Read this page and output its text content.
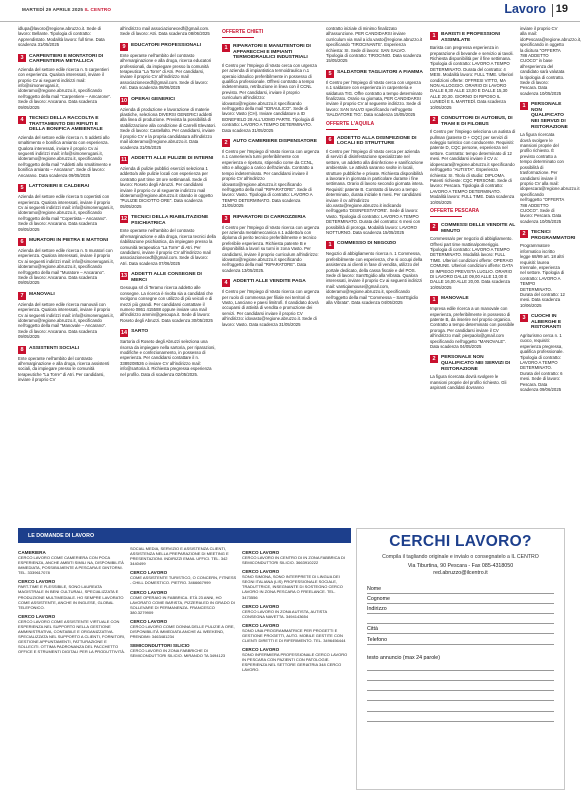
MARTEDÌ 29 APRILE 2025 IL CENTRO	Lavoro 19
idlupa@lavoro@regione.abruzzo.it. Sede di lavoro: Bellante. Tipologia di contratto: Apprendistato. Modalità lavoro: full time. Data scadenza 31/05/2025
3	CARPENTIERI E MONTATORI DI CARPENTERIA METALLICA
Azienda del settore edile ricerca n. 5 carpentieri con esperienza. Qualora interessati, inviare il proprio Cv ai seguenti indirizzi mail: info@simonerugani.it, idoteramo@regione.abruzzo.it, specificando nell'oggetto della mail "Carpentiere – Amcarone". Sede di lavoro: Ancarano. Data scadenza 09/05/2025
4	TECNICI DELLA RACCOLTA E TRATTAMENTO DEI RIFIUTI E DELLA BONIFICA AMBIENTALE
Azienda del settore edile ricerca n. 5 addetti allo smaltimento e bonifica amianto con esperienza. Qualora interessati, inviare il proprio Cv ai seguenti indirizzi mail: info@simonerugani.it, idoteramo@regione.abruzzo.it, specificando nell'oggetto della mail "Addetti allo smaltimento e bonifica amianto – Ancarano". Sede di lavoro: Ancarano. Data scadenza 09/05/2025
5	LATTONIERI E CALDERAI
Azienda del settore edile ricerca 5 copertisti con esperienza. Qualora interessati, inviare il proprio Cv ai seguenti indirizzi mail: info@simonerugani.it, idoteramo@regione.abruzzo.it, specificando nell'oggetto della mail "Copertista – Ancarano". Sede di lavoro: Ancarano. Data scadenza 09/05/2025
6	MURATORI IN PIETRA E MATTONI
Azienda del settore edile ricerca n. 5 muratori con esperienza. Qualora interessati, inviare il proprio Cv ai seguenti indirizzi mail: info@simonerugani.it, idoteramo@regione.abruzzo.it, specificando nell'oggetto della mail "Muratore – Ancarano". Sede di lavoro: Ancarano. Data scadenza 09/05/2025
7	MANOVALI
Azienda del settore edile ricerca manovali con esperienza. Qualora interessati, inviare il proprio Cv ai seguenti indirizzi mail: info@simonerugani.it, idoteramo@regione.abruzzo.it, specificando nell'oggetto della mail "Manovale – Ancarano". Sede di lavoro: Ancarano. Data scadenza 09/05/2025
8	ASSISTENTI SOCIALI
Ente operante nell'ambito del contrasto all'emarginazione e alla droga, ricerca assistenti sociali, da impiegare presso le comunità terapeutiche "La Torre" di Atri. Per candidarsi, inviare il proprio CV
all'indirizzo mail associazionecedf@gmail.com. Sede di lavoro: Atri. Data scadenza 08/06/2025
9	EDUCATORI PROFESSIONALI
Ente operante nell'ambito del contrasto all'emarginazione e alla droga, ricerca educatori professionali, da impiegare presso la comunità terapeutica "La Torre" di Atri. Per candidarsi, inviare il proprio CV all'indirizzo mail associazionecedf@gmail.com. Sede di lavoro: Atri. Data scadenza 08/06/2025
10 OPERAI GENERICI
Azienda di produzione e lavorazione di materie plastiche, seleziona DIVERSI GENERICI addetti alla linea di produzione. Prevista la possibilità di stabilizzazione alla condizione di Carrelli Elevatori. Sede di lavoro: Castellalto. Per candidarsi, inviare il proprio CV e la propria candidatura all'indirizzo mail idoteramo@regione.abruzzo.it. Data scadenza 31/05/2025
11 ADDETTI ALLE PULIZIE DI INTERNI
Azienda di pulizie pubblici esercizi seleziona 1 addetto/a alle pulizie locali con esperienza per contratto part time 18 ore settimanali. Sede di lavoro: Roseto degli Abruzzi. Per candidarsi inviare il proprio cv al seguente indirizzo mail idoteramo@regione.abruzzo.it citando in oggetto "PULIZIE DICIOTTO ORE". Data scadenza 05/05/2025
12 TECNICI DELLA RIABILITAZIONE PSICHIATRICA
Ente operante nell'ambito del contrasto all'emarginazione e alla droga, ricerca tecnici della riabilitazione psichiatrica, da impiegare presso la comunità terapeutica "La Torre" di Atri. Per candidarsi, inviare il proprio CV all'indirizzo mail associazionecedf@gmail.com. Sede di lavoro: Atri. Data scadenza 07/06/2025
13 ADDETTI ALLE CONSEGNE DI MERCI
Gesoupa srl di Teramo ricerca addetto alle consegne. La ricerca è rivolta sia a candidati che svolgono consegne con utilizzo di più veicoli e di mezzi più grandi. Per candidarsi contattare il numero 0861 415588 oppure inviare una mail all'indirizzo ammin@gesoupa.it. Sede di lavoro: Roseto degli Abruzzi. Data scadenza 30/05/2025
14 SARTO
Sartoria di Roseto degli Abruzzi seleziona una risorsa da impiegare nella sartoria, per riparazioni, modifiche e confezionamento, in possesso di esperienza. Per candidarsi contattare il n. 3389208526 o inviare CV all'indirizzo mail: info@sartoria.it. Richiesta pregressa esperienza nel profilo. Data di scadenza 02/05/2025.
OFFERTE CHIETI
1	RIPARATORI E MANUTENTORI DI APPARECCHI E IMPIANTI TERMOIDRAULICI INDUSTRIALI
Il Centro per l'Impiego di Vasto cerca con urgenza per azienda di impiantistica termoidraulica n.1 operaio idraulico preferibilmente in possesso di qualifica professionale. Offresi contratto a tempo indeterminato, retribuzione in linea con il CCNL previsto. Per candidarsi, inviare il proprio curriculum all'indirizzo: idovasto@regione.abruzzo.it specificando nell'oggetto della mail "IDRAULICO". Sede di lavoro: Vasto (CH). Inviare candidature a ID BONEFIELD 28 ALL'UOMO PARTE. Tipologia di contratto: LAVORO A TEMPO DETERMINATO. Data scadenza 31/05/2025
2	AUTO CAMERIERE DISPENSATORE
Il Centro per l'Impiego di Vasto ricerca con urgenza n.1 cameriere/a turni preferibilmente con esperienza e ripetuto, stipendio come da CCNL, vitto e alloggio a carico dell'azienda. Contratto a tempo indeterminato. Per candidarsi inviare il proprio CV all'indirizzo idovasto@regione.abruzzo.it specificando nell'oggetto della mail "RIPARATORE". Sede di lavoro: Vasto. Tipologia di contratto: LAVORO A TEMPO DETERMINATO. Data scadenza 31/05/2025
3	RIPARATORI DI CARROZZERIA
Il Centro per l'Impiego di Vasto ricerca con urgenza per azienda metalmeccanica n.1 addetto/a con diploma di perito tecnico preferibilmente e tecnico preferibile esperienza. Richiesta patente B e disponibilità a lavori su turni in zona Vasto. Per candidarsi, inviare il proprio curriculum all'indirizzo: idovasto@regione.abruzzo.it specificando nell'oggetto della mail "RIPARATORE". Data scadenza 13/05/2025.
4	ADDETTI ALLE VENDITE PAGA
Il Centro per l'Impiego di Vasto ricerca con urgenza per ruolo di commessa per filiale nei territori di Vasto, Lanciano e paesi limitrofi. Il candidato dovrà occuparsi di attività di vendita e promozione dei servizi. Per candidarsi inviare il proprio CV all'indirizzo: idovasto@regione.abruzzo.it. Sede di lavoro: Vasto. Data scadenza 31/05/2025
contratto iniziale di minimo finalizzato all'assunzione. PER CANDIDARSI inviare curriculum via mail a ido.vasto@regione.abruzzo.it specificando 'TIROCINANTE'. Esperienza richiesta: SI. Sede di lavoro: SAN SALVO. Tipologia di contratto: TIROCINIO. Data scadenza 15/05/2025
5	SALDATORE TAGLIATORI A FIAMMA
Il Centro per l'Impiego di Vasto cerca con urgenza n.1 saldatore con esperienza in carpenteria e saldatura TIG. Offre contratto a tempo determinato finalizzato. Orario su giornata, PER CANDIDARSI inviare il proprio CV al seguente indirizzo. Sede di lavoro: SAN SALVO specificando nell'oggetto 'SALDATORE TIG'. Data scadenza 15/05/2025
OFFERTE L'AQUILA
6	ADDETTO ALLA DISINFEZIONE DI LOCALI ED STRUTTURE
Il Centro per l'Impiego di Vasto cerca per azienda di servizi di disinfestazione specializzate nel settore, un addetto alla disinfezione e sanificazione ambientale. Le attività saranno svolte in locali, strutture pubbliche e private. Richiesta disponibilità a lavorare in giornata in particolare durante i fine settimana. Orario di lavoro secondo giornata intera. Requisiti: patente B. Contratto di lavoro a tempo determinato, durata iniziale 6 mesi. Per candidarsi inviare il cv all'indirizzo ido.vasto@regione.abruzzo.it indicando nell'oggetto 'DISINFESTATORE'. Sede di lavoro: Vasto. Tipologia di contratto: LAVORO A TEMPO DETERMINATO. Durata del contratto: 6 mesi con possibilità di proroga. Modalità lavoro: LAVORO NOTTURNO. Data scadenza 15/05/2025
1	COMMESSO DI NEGOZIO
Negozio di abbigliamento ricerca n. 1 Commessa, preferibilmente con esperienza, che si occupi della assistenza ai clienti in fase di vendita, utilizzo del portale dedicato, della cassa fiscale e del POS. Sede di lavoro: Sant'Egidio alla Vibrata. Qualora interessati, inviare il proprio Cv ai seguenti indirizzi mail: vantiqiamouse@gmail.com, idoteramo@regione.abruzzo.it, specificando nell'oggetto della mail "Commessa – Sant'Egidio alla Vibrata". Data scadenza 04/05/2025
1	BARISTI E PROFESSIONI ASSIMILATE
Barista con pregressa esperienza in preparazione di bevande e servizio ai tavoli. Richiesta disponibilità per il fine settimana. Tipologia di contratto: LAVORO A TEMPO DETERMINATO. Durata del contratto: 4 MESI. Modalità lavoro: FULL TIME. Ulteriori condizioni offerte: OFFRESI VITTO, MA NON ALLOGGIO. ORARIO DI LAVORO DALLE 8,30 ALLE 13,00 E DALLE 15,30 ALLE 20,30. GIORNO DI RIPOSO IL LUNEDÌ E IL MARTEDÌ. Data scadenza 10/05/2025
2	CONDUTTORI DI AUTOBUS, DI TRAM E DI FILOBUS
Il Centro per l'impiego seleziona un autista di pullman (patente D + CQC) per servizi di noleggio turistico con conducente. Requisiti: patente D, CQC persone, esperienza nel settore. Contratto: tempo determinato di 12 mesi. Per candidarsi inviare il CV a: idopescara@regione.abruzzo.it specificando nell'oggetto "AUTISTA". Esperienza richiesta: SI. Titolo di studio: DIPLOMA. Patenti richieste: CQC PERSONE. Sede di lavoro: Pescara. Tipologia di contratto: LAVORO A TEMPO DETERMINATO. Modalità lavoro: FULL TIME. Data scadenza 10/05/2025
OFFERTE PESCARA
2	COMMESSI DELLE VENDITE AL MINUTO
Commessa/o per negozio di abbigliamento. Offresi part time mattina/pomeriggio. Tipologia di contratto: LAVORO A TEMPO DETERMINATO. Modalità lavoro: FULL TIME. Ulteriori condizioni offerte: OPERAIO COMUNE. Ulteriori condizioni offerte: DATA DI IMPIEGO PREVISTA LUGLIO. ORARIO DI LAVORO DALLE 09,00 ALLE 13,00 E DALLE 16,00 ALLE 20,00. Data scadenza 10/05/2025
1	MANOVALE
Impresa edile ricerca a un manovale con esperienza, preferibilmente in possesso di patente B, da inserire nel proprio organico. Contratto a tempo determinato con possibile proroga. Per candidarsi inviare il CV all'indirizzo mail: pierpaolo@gmail.com specificando nell'oggetto "MANOVALE". Data scadenza 04/05/2025
2	PERSONALE NON QUALIFICATO NEI SERVIZI DI RISTORAZIONE
La figura ricercata dovrà svolgere le mansioni proprie del profilo richiesto. Gli aspiranti candidati dovranno
inviare il proprio CV alla mail: idoPescara@regione.abruzzo.it, specificando in oggetto la dicitura "OFFERTA 788 ADDETTO CUOCO" in base all'esperienza del candidato sarà valutata la tipologia di contratto. Sede di lavoro: Pescara. Data scadenza 10/05/2025
1	PERSONALE NON QUALIFICATO NEI SERVIZI DI RISTORAZIONE
La figura ricercata dovrà svolgere le mansioni proprie del profilo richiesto. È previsto contratto a tempo determinato con possibilità di trasformazione. Per candidarsi inviare il proprio CV alla mail: idopescara@regione.abruzzo.it specificando nell'oggetto "OFFERTA 788 ADDETTO CUOCO". Sede di lavoro: Pescara. Data scadenza 10/05/2025
2	TECNICI PROGRAMMATORI
Programmatore informatico iscritto legge 68/99 art. 18 altri requisiti: laurea triennale, esperienza nel settore. Tipologia di contratto: LAVORO A TEMPO DETERMINATO. Durata del contratto: 12 mesi. Data scadenza 10/06/2025
3	CUOCHI IN ALBERGHI E RISTORANTI
Agriturismo cerca n. 1 cuoco, requisiti: esperienza pregressa, qualifica professionale. Tipologia di contratto: LAVORO A TEMPO DETERMINATO. Durata del contratto: 6 mesi. Sede di lavoro: Pescara. Data scadenza 09/06/2025
LE DOMANDE DI LAVORO
CAMERIERA
CERCO LAVORO COME CAMERIERA CON POCA ESPERIENZA, ANCHE AMBITI SIMILI NA, DISPONIBILITÀ IMMEDIATA, POSSIBILMENTE A PESCARA E DINTORNI. TEL. 3339617078
CERCO LAVORO
PART-TIME E FLESSIBILE, SONO LAUREATA MAGISTRALE IN BENI CULTURALI, SPECIALIZZATA E PRODUZIONE MULTIMEDIALE. HO SEMPRE LAVORATO COME ASSISTENTE, ANCHE IN INGLESE, GLOBAL TELEFONICO.
CERCO LAVORO
CERCO LAVORO COME ASSISTENTE VIRTUALE CON ESPERIENZA NEL SUPPORTO NELLA GESTIONE AMMINISTRATIVA, CONTABILE E ORGANIZZATIVA. SPECIALIZZATA NEL SUPPORTO A CLIENTI, FORNITORI, GESTIONE APPUNTAMENTI, FATTURAZIONE E SOLLECITI. OTTIMA PADRONANZA DEL PACCHETTO OFFICE E STRUMENTI DIGITALI PER LA PRODUTTIVITÀ.
SOCIAL MEDIA, SERVIZIO E ASSISTENZA CLIENTI, ASSISTENZA NELLA PREPARAZIONE DI MEETING E PRESENTAZIONI. INDIRIZZI EMAIL UFFICI. TEL. 342 3440499
CERCO LAVORO
COME ASSISTENTE TURISTICO, O CONCERN, FITNESS - CHILL DOMESTICO. PIETRO. 3466667999
CERCO LAVORO
COME OPERAIO IN FABBRICA. ETÀ 23 ANNI, HO LAVORATO COME BARISTA, PIZZERIA ED IN GRADO DI SOLLEVARE DI PERMANENZA. FRANCESCO 380.3279909
CERCO LAVORO
CERCO LAVORO COME DONNA DELLE PULIZIE A ORE, DISPONIBILITÀ IMMEDIATA ANCHE AL WEEKEND, PRENDIMI: 3463481234
SEMICONDUTTORI SILICIO
CERCO LAVORO IN ZONA FABBRICHE DI SEMICONDUTTORI SILICIO. MIRANDO TA 3494123
CERCO LAVORO
CERCO LAVORO IN CENTRO DI IN ZONA FABBRICA DI SEMICONDUTTORI SILICIO. 3663910222
CERCO LAVORO
SONO SIMONA, SONO INTERPRETE DI LINGUA DEI SEGNI ITALIANA (LIS) PROFESSIONALE SOCIALE, TRADUTTRICE, INSEGNANTE DI SOSTEGNO CERCO LAVORO IN ZONA PESCARA O FREELANCE. TEL. 3473556
CERCO LAVORO
CERCO LAVORO IN ZONA AUTISTA, AUTISTA CONSEGNA NAVETTA. 3494143654
CERCO LAVORO
SONO UNA PROGRAMMATRICE PER PROGETTI E GESTIONE PROGETTI, AUTO. MOBILE GESTITE CON CLIENTI DIRETTI E DI RIFERIMENTO. TEL. 3496456444
CERCO LAVORO
SONO INFERMIERA PROFESSIONALE CERCO LAVORO IN PESCARA CON PAZIENTI CON PATOLOGIE. ESPERIENZA NEL SETTORE GERIATRIA 348 CERCO LAVORO.
CERCHI LAVORO?
Compila il tagliando originale e invialo o consegnatelo a IL CENTRO
Via Tiburtina, 90 Pescara - Fax 085-4318050
red.abruzzo@ilcentro.it
Nome
Cognome
Indirizzo
Città
Telefono
testo annuncio (max 24 parole)
